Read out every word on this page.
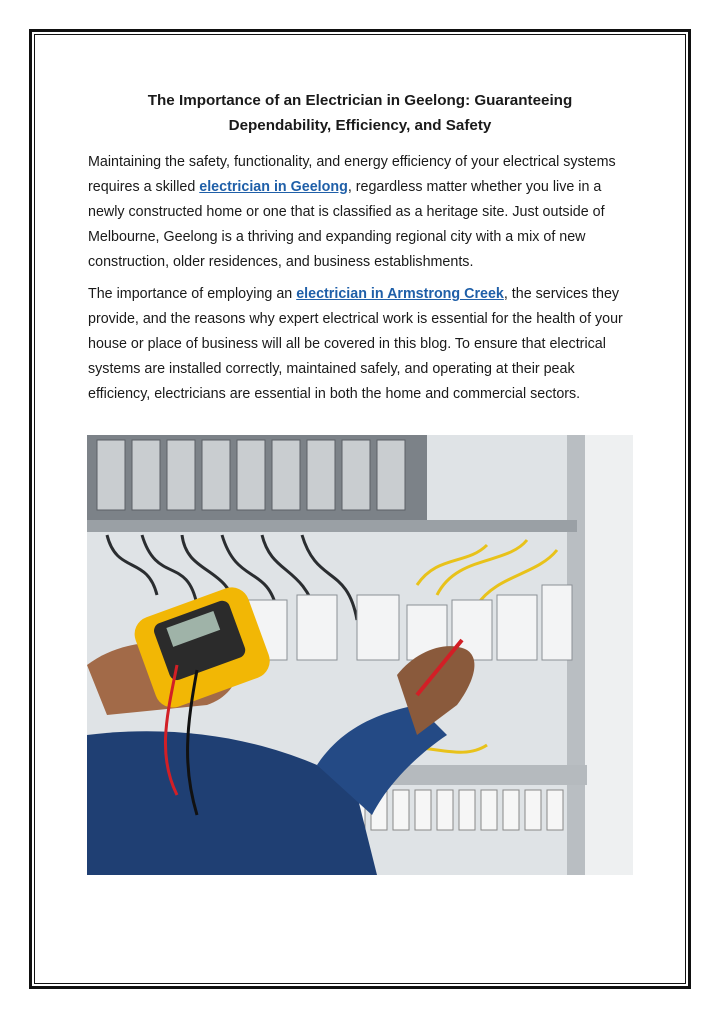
The Importance of an Electrician in Geelong: Guaranteeing
Dependability, Efficiency, and Safety

Maintaining the safety, functionality, and energy efficiency of your electrical systems requires a skilled electrician in Geelong, regardless matter whether you live in a newly constructed home or one that is classified as a heritage site. Just outside of Melbourne, Geelong is a thriving and expanding regional city with a mix of new construction, older residences, and business establishments.

The importance of employing an electrician in Armstrong Creek, the services they provide, and the reasons why expert electrical work is essential for the health of your house or place of business will all be covered in this blog. To ensure that electrical systems are installed correctly, maintained safely, and operating at their peak efficiency, electricians are essential in both the home and commercial sectors.
